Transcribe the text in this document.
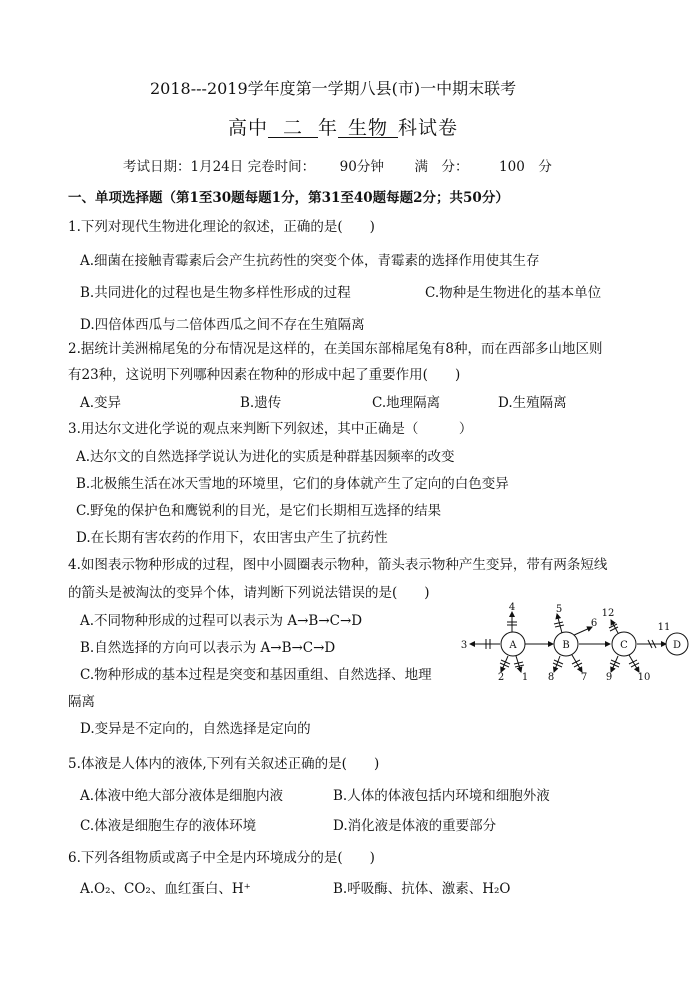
2018---2019学年度第一学期八县(市)一中期末联考
高中 二 年 生物 科试卷
考试日期：1月24日 完卷时间： 90分钟 满　分： 100　分
一、单项选择题（第1至30题每题1分，第31至40题每题2分；共50分）
1.下列对现代生物进化理论的叙述，正确的是(　　)
A.细菌在接触青霉素后会产生抗药性的突变个体，青霉素的选择作用使其生存
B.共同进化的过程也是生物多样性形成的过程	C.物种是生物进化的基本单位
D.四倍体西瓜与二倍体西瓜之间不存在生殖隔离
2.据统计美洲棉尾兔的分布情况是这样的，在美国东部棉尾兔有8种，而在西部多山地区则
有23种，这说明下列哪种因素在物种的形成中起了重要作用(　　)
A.变异	B.遗传	C.地理隔离	D.生殖隔离
3.用达尔文进化学说的观点来判断下列叙述，其中正确是（　　　）
A.达尔文的自然选择学说认为进化的实质是种群基因频率的改变
B.北极熊生活在冰天雪地的环境里，它们的身体就产生了定向的白色变异
C.野兔的保护色和鹰锐利的目光，是它们长期相互选择的结果
D.在长期有害农药的作用下，农田害虫产生了抗药性
4.如图表示物种形成的过程，图中小圆圈表示物种，箭头表示物种产生变异，带有两条短线
的箭头是被淘汰的变异个体，请判断下列说法错误的是(　　)
A.不同物种形成的过程可以表示为 A→B→C→D
B.自然选择的方向可以表示为 A→B→C→D
C.物种形成的基本过程是突变和基因重组、自然选择、地理
隔离
D.变异是不定向的，自然选择是定向的
A	B	C	D
1
2
3
4	5
6
7
8	9	10
11
12
5.体液是人体内的液体,下列有关叙述正确的是(　　)
A.体液中绝大部分液体是细胞内液	B.人体的体液包括内环境和细胞外液
C.体液是细胞生存的液体环境	D.消化液是体液的重要部分
6.下列各组物质或离子中全是内环境成分的是(　　)
A.O₂、CO₂、血红蛋白、H⁺	B.呼吸酶、抗体、激素、H₂O
